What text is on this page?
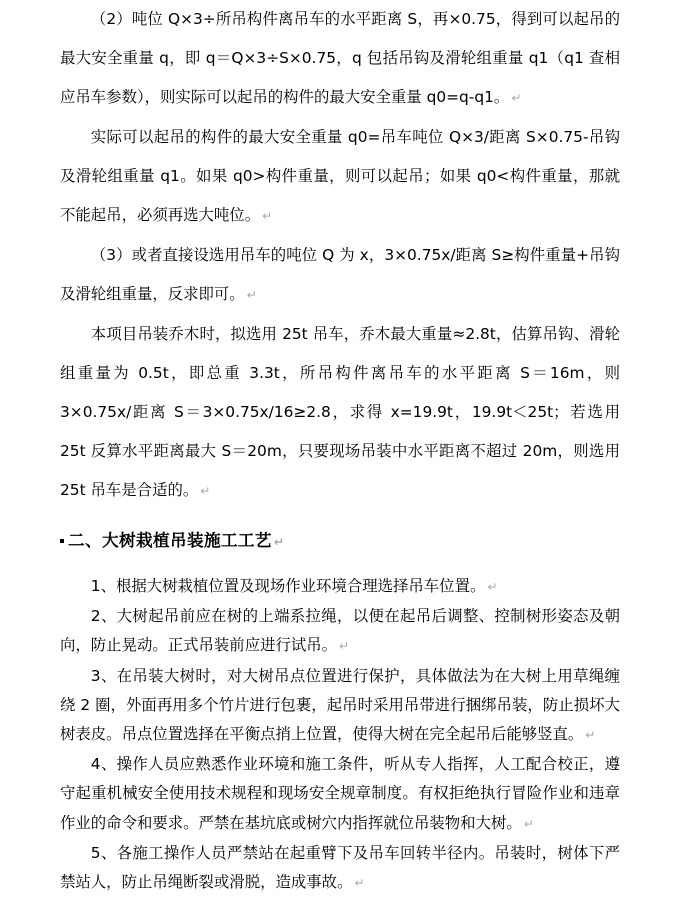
（2）吨位 Q×3÷所吊构件离吊车的水平距离 S，再×0.75，得到可以起吊的最大安全重量 q，即 q＝Q×3÷S×0.75，q 包括吊钩及滑轮组重量 q1（q1 查相应吊车参数），则实际可以起吊的构件的最大安全重量 q0=q-q1。 ↵

实际可以起吊的构件的最大安全重量 q0=吊车吨位 Q×3/距离 S×0.75-吊钩及滑轮组重量 q1。如果 q0>构件重量，则可以起吊；如果 q0<构件重量，那就不能起吊，必须再选大吨位。 ↵

（3）或者直接设选用吊车的吨位 Q 为 x，3×0.75x/距离 S≥构件重量+吊钩及滑轮组重量，反求即可。 ↵

本项目吊装乔木时，拟选用 25t 吊车，乔木最大重量≈2.8t，估算吊钩、滑轮组重量为 0.5t，即总重 3.3t，所吊构件离吊车的水平距离 S＝16m，则 3×0.75x/距离 S＝3×0.75x/16≥2.8，求得 x=19.9t，19.9t＜25t；若选用 25t 反算水平距离最大 S＝20m，只要现场吊装中水平距离不超过 20m，则选用 25t 吊车是合适的。 ↵

二、大树栽植吊装施工工艺 ↵

1、根据大树栽植位置及现场作业环境合理选择吊车位置。 ↵

2、大树起吊前应在树的上端系拉绳，以便在起吊后调整、控制树形姿态及朝向，防止晃动。正式吊装前应进行试吊。 ↵

3、在吊装大树时，对大树吊点位置进行保护，具体做法为在大树上用草绳缠绕 2 圈，外面再用多个竹片进行包裹，起吊时采用吊带进行捆绑吊装，防止损坏大树表皮。吊点位置选择在平衡点捎上位置，使得大树在完全起吊后能够竖直。 ↵

4、操作人员应熟悉作业环境和施工条件，听从专人指挥，人工配合校正，遵守起重机械安全使用技术规程和现场安全规章制度。有权拒绝执行冒险作业和违章作业的命令和要求。严禁在基坑底或树穴内指挥就位吊装物和大树。 ↵

5、各施工操作人员严禁站在起重臂下及吊车回转半径内。吊装时，树体下严禁站人，防止吊绳断裂或滑脱，造成事故。 ↵
